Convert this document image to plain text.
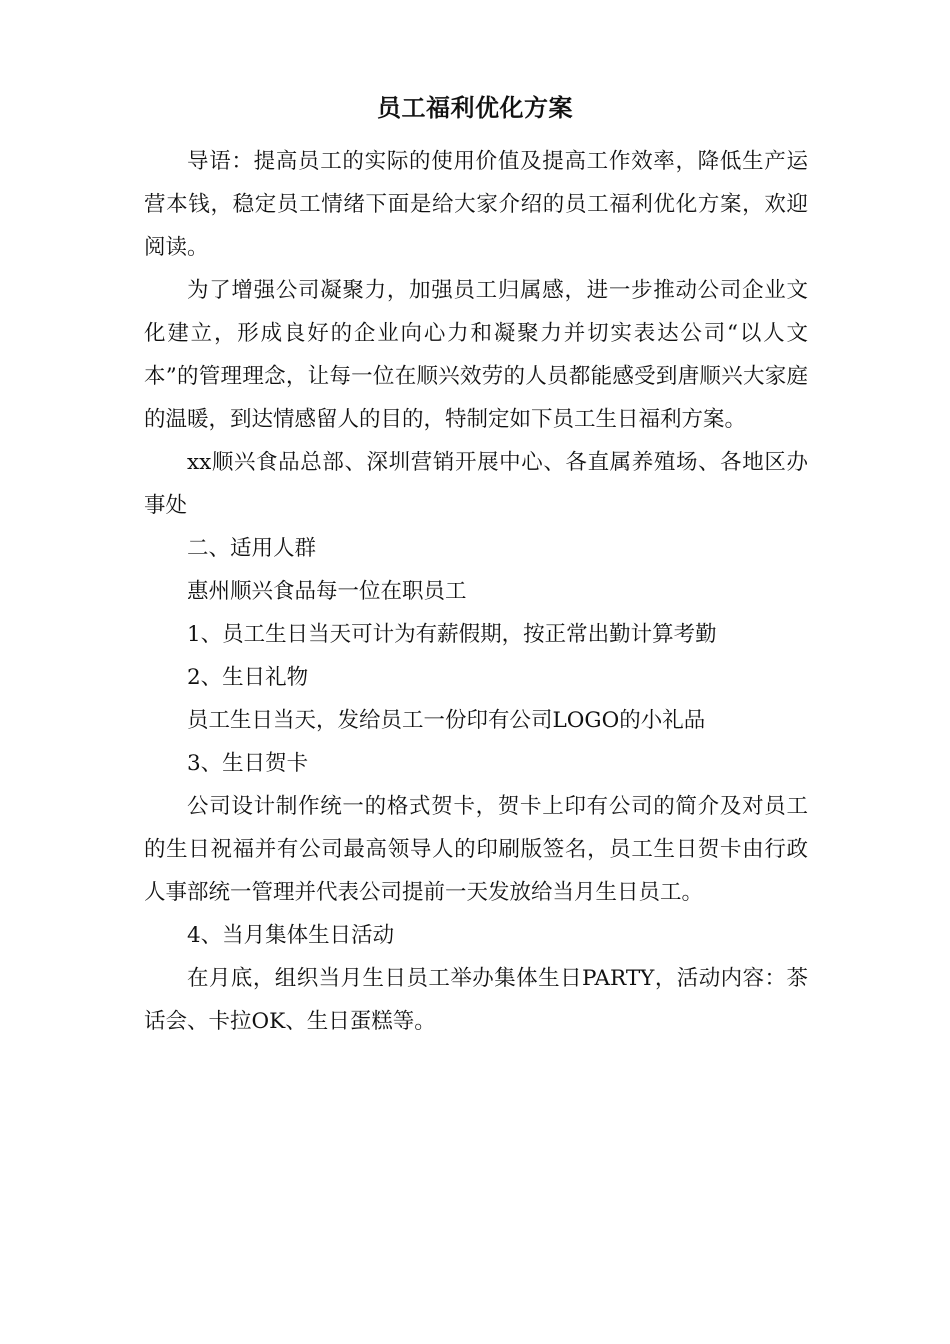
员工福利优化方案

导语：提高员工的实际的使用价值及提高工作效率，降低生产运营本钱，稳定员工情绪下面是给大家介绍的员工福利优化方案，欢迎阅读。

为了增强公司凝聚力，加强员工归属感，进一步推动公司企业文化建立，形成良好的企业向心力和凝聚力并切实表达公司“以人文本”的管理理念，让每一位在顺兴效劳的人员都能感受到唐顺兴大家庭的温暖，到达情感留人的目的，特制定如下员工生日福利方案。

xx顺兴食品总部、深圳营销开展中心、各直属养殖场、各地区办事处

二、适用人群

惠州顺兴食品每一位在职员工

1、员工生日当天可计为有薪假期，按正常出勤计算考勤

2、生日礼物

员工生日当天，发给员工一份印有公司LOGO的小礼品

3、生日贺卡

公司设计制作统一的格式贺卡，贺卡上印有公司的简介及对员工的生日祝福并有公司最高领导人的印刷版签名，员工生日贺卡由行政人事部统一管理并代表公司提前一天发放给当月生日员工。

4、当月集体生日活动

在月底，组织当月生日员工举办集体生日PARTY，活动内容：茶话会、卡拉OK、生日蛋糕等。
